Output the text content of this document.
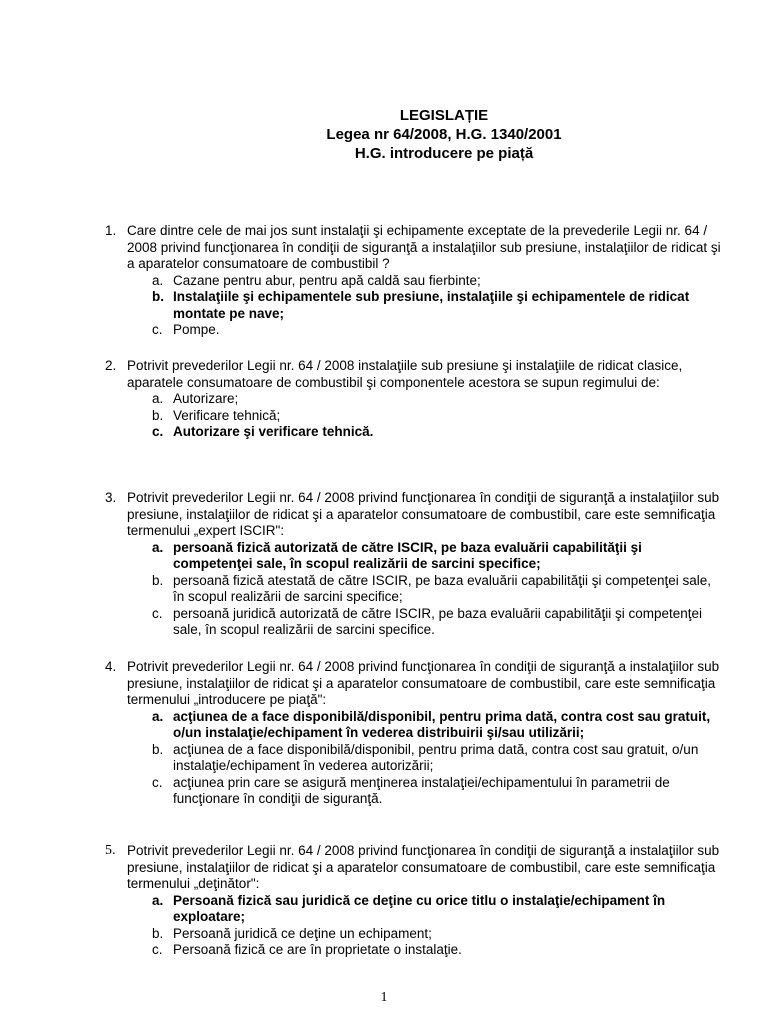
LEGISLAȚIE
Legea nr 64/2008, H.G. 1340/2001
H.G. introducere pe piață
1. Care dintre cele de mai jos sunt instalaţii şi echipamente exceptate de la prevederile Legii nr. 64 / 2008 privind funcţionarea în condiţii de siguranţă a instalaţiilor sub presiune, instalaţiilor de ridicat şi a aparatelor consumatoare de combustibil ?
a. Cazane pentru abur, pentru apă caldă sau fierbinte;
b. Instalaţiile şi echipamentele sub presiune, instalaţiile şi echipamentele de ridicat montate pe nave;
c. Pompe.
2. Potrivit prevederilor Legii nr. 64 / 2008 instalaţiile sub presiune şi instalaţiile de ridicat clasice, aparatele consumatoare de combustibil şi componentele acestora se supun regimului de:
a. Autorizare;
b. Verificare tehnică;
c. Autorizare şi verificare tehnică.
3. Potrivit prevederilor Legii nr. 64 / 2008 privind funcţionarea în condiţii de siguranţă a instalaţiilor sub presiune, instalaţiilor de ridicat şi a aparatelor consumatoare de combustibil, care este semnificaţia termenului „expert ISCIR":
a. persoană fizică autorizată de către ISCIR, pe baza evaluării capabilităţii şi competenţei sale, în scopul realizării de sarcini specifice;
b. persoană fizică atestată de către ISCIR, pe baza evaluării capabilităţii şi competenţei sale, în scopul realizării de sarcini specifice;
c. persoană juridică autorizată de către ISCIR, pe baza evaluării capabilităţii şi competenţei sale, în scopul realizării de sarcini specifice.
4. Potrivit prevederilor Legii nr. 64 / 2008 privind funcţionarea în condiţii de siguranţă a instalaţiilor sub presiune, instalaţiilor de ridicat şi a aparatelor consumatoare de combustibil, care este semnificaţia termenului „introducere pe piaţă":
a. acţiunea de a face disponibilă/disponibil, pentru prima dată, contra cost sau gratuit, o/un instalaţie/echipament în vederea distribuirii şi/sau utilizării;
b. acţiunea de a face disponibilă/disponibil, pentru prima dată, contra cost sau gratuit, o/un instalaţie/echipament în vederea autorizării;
c. acţiunea prin care se asigură menţinerea instalaţiei/echipamentului în parametrii de funcţionare în condiţii de siguranţă.
5. Potrivit prevederilor Legii nr. 64 / 2008 privind funcţionarea în condiţii de siguranţă a instalaţiilor sub presiune, instalaţiilor de ridicat şi a aparatelor consumatoare de combustibil, care este semnificaţia termenului „deţinător":
a. Persoană fizică sau juridică ce deţine cu orice titlu o instalaţie/echipament în exploatare;
b. Persoană juridică ce deţine un echipament;
c. Persoană fizică ce are în proprietate o instalaţie.
1
